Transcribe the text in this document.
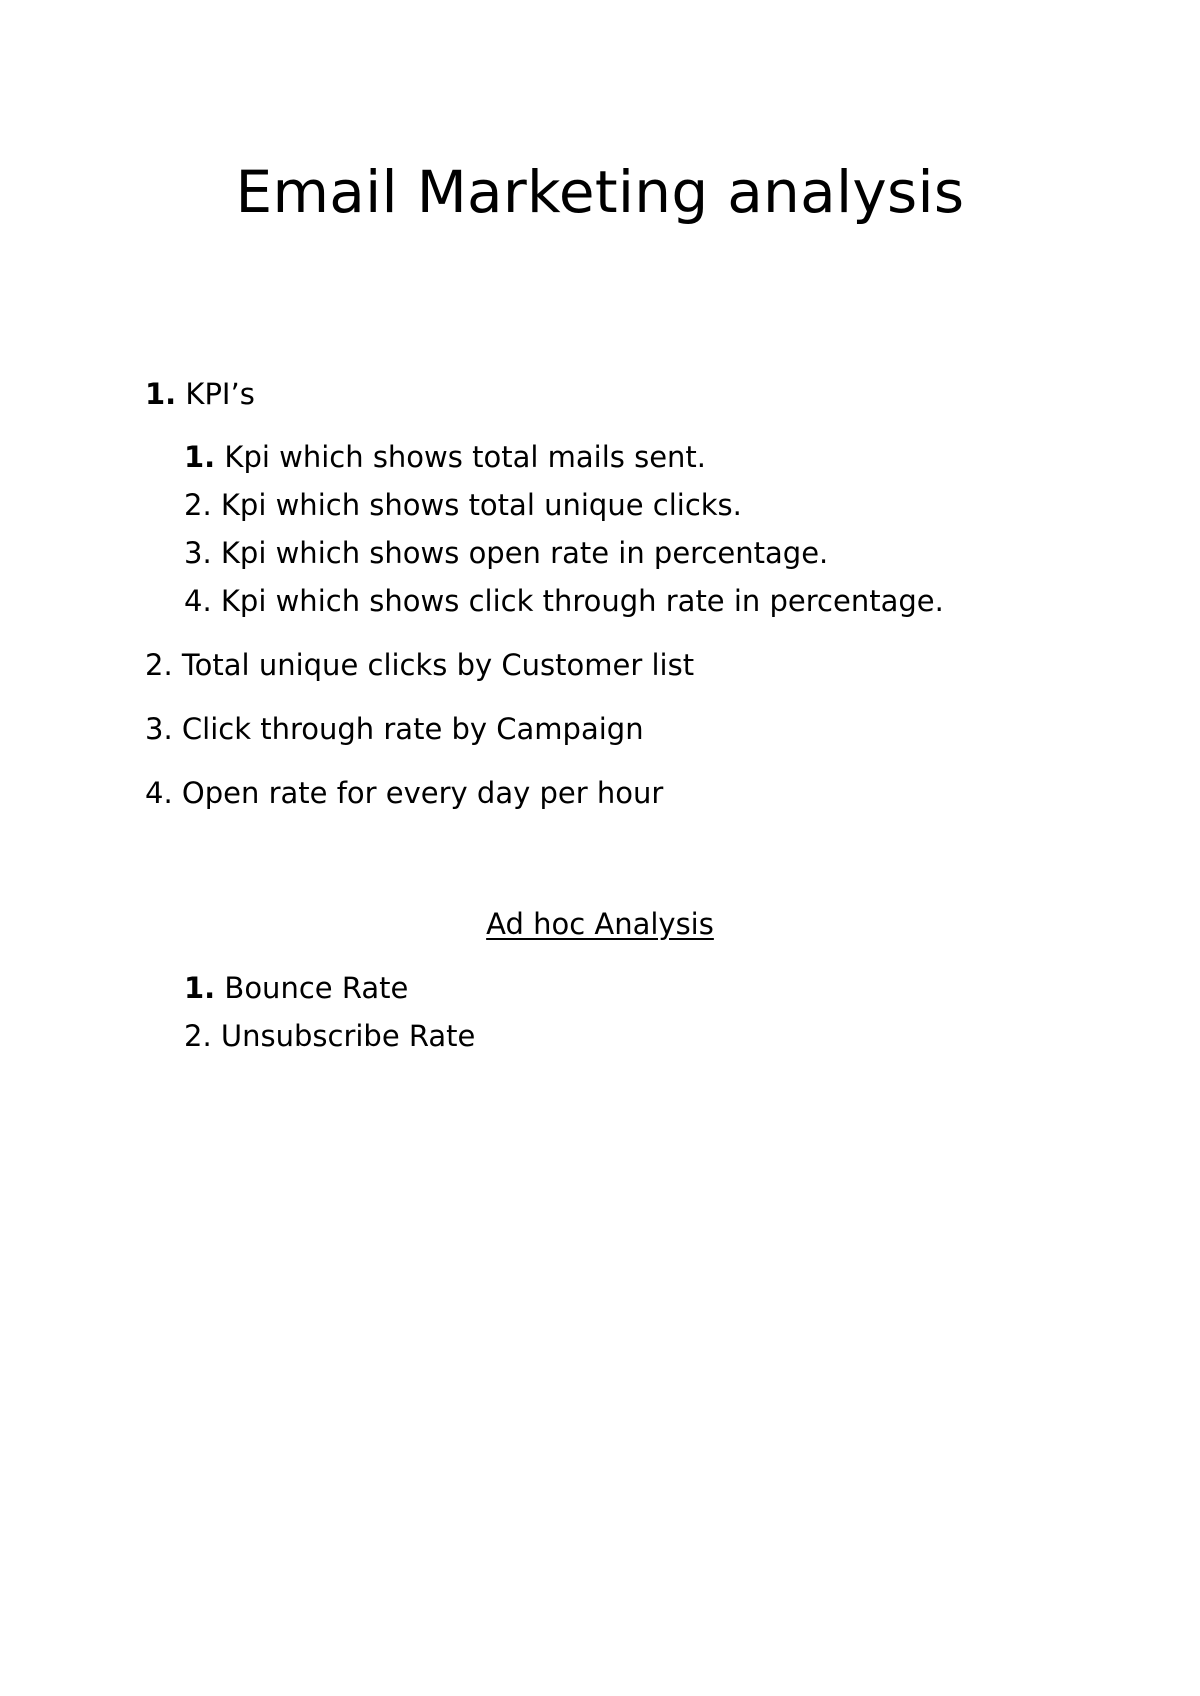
Email Marketing analysis

1. KPI’s

1. Kpi which shows total mails sent.

2. Kpi which shows total unique clicks.

3. Kpi which shows open rate in percentage.

4. Kpi which shows click through rate in percentage.

2. Total unique clicks by Customer list

3. Click through rate by Campaign

4. Open rate for every day per hour

Ad hoc Analysis

1. Bounce Rate

2. Unsubscribe Rate
